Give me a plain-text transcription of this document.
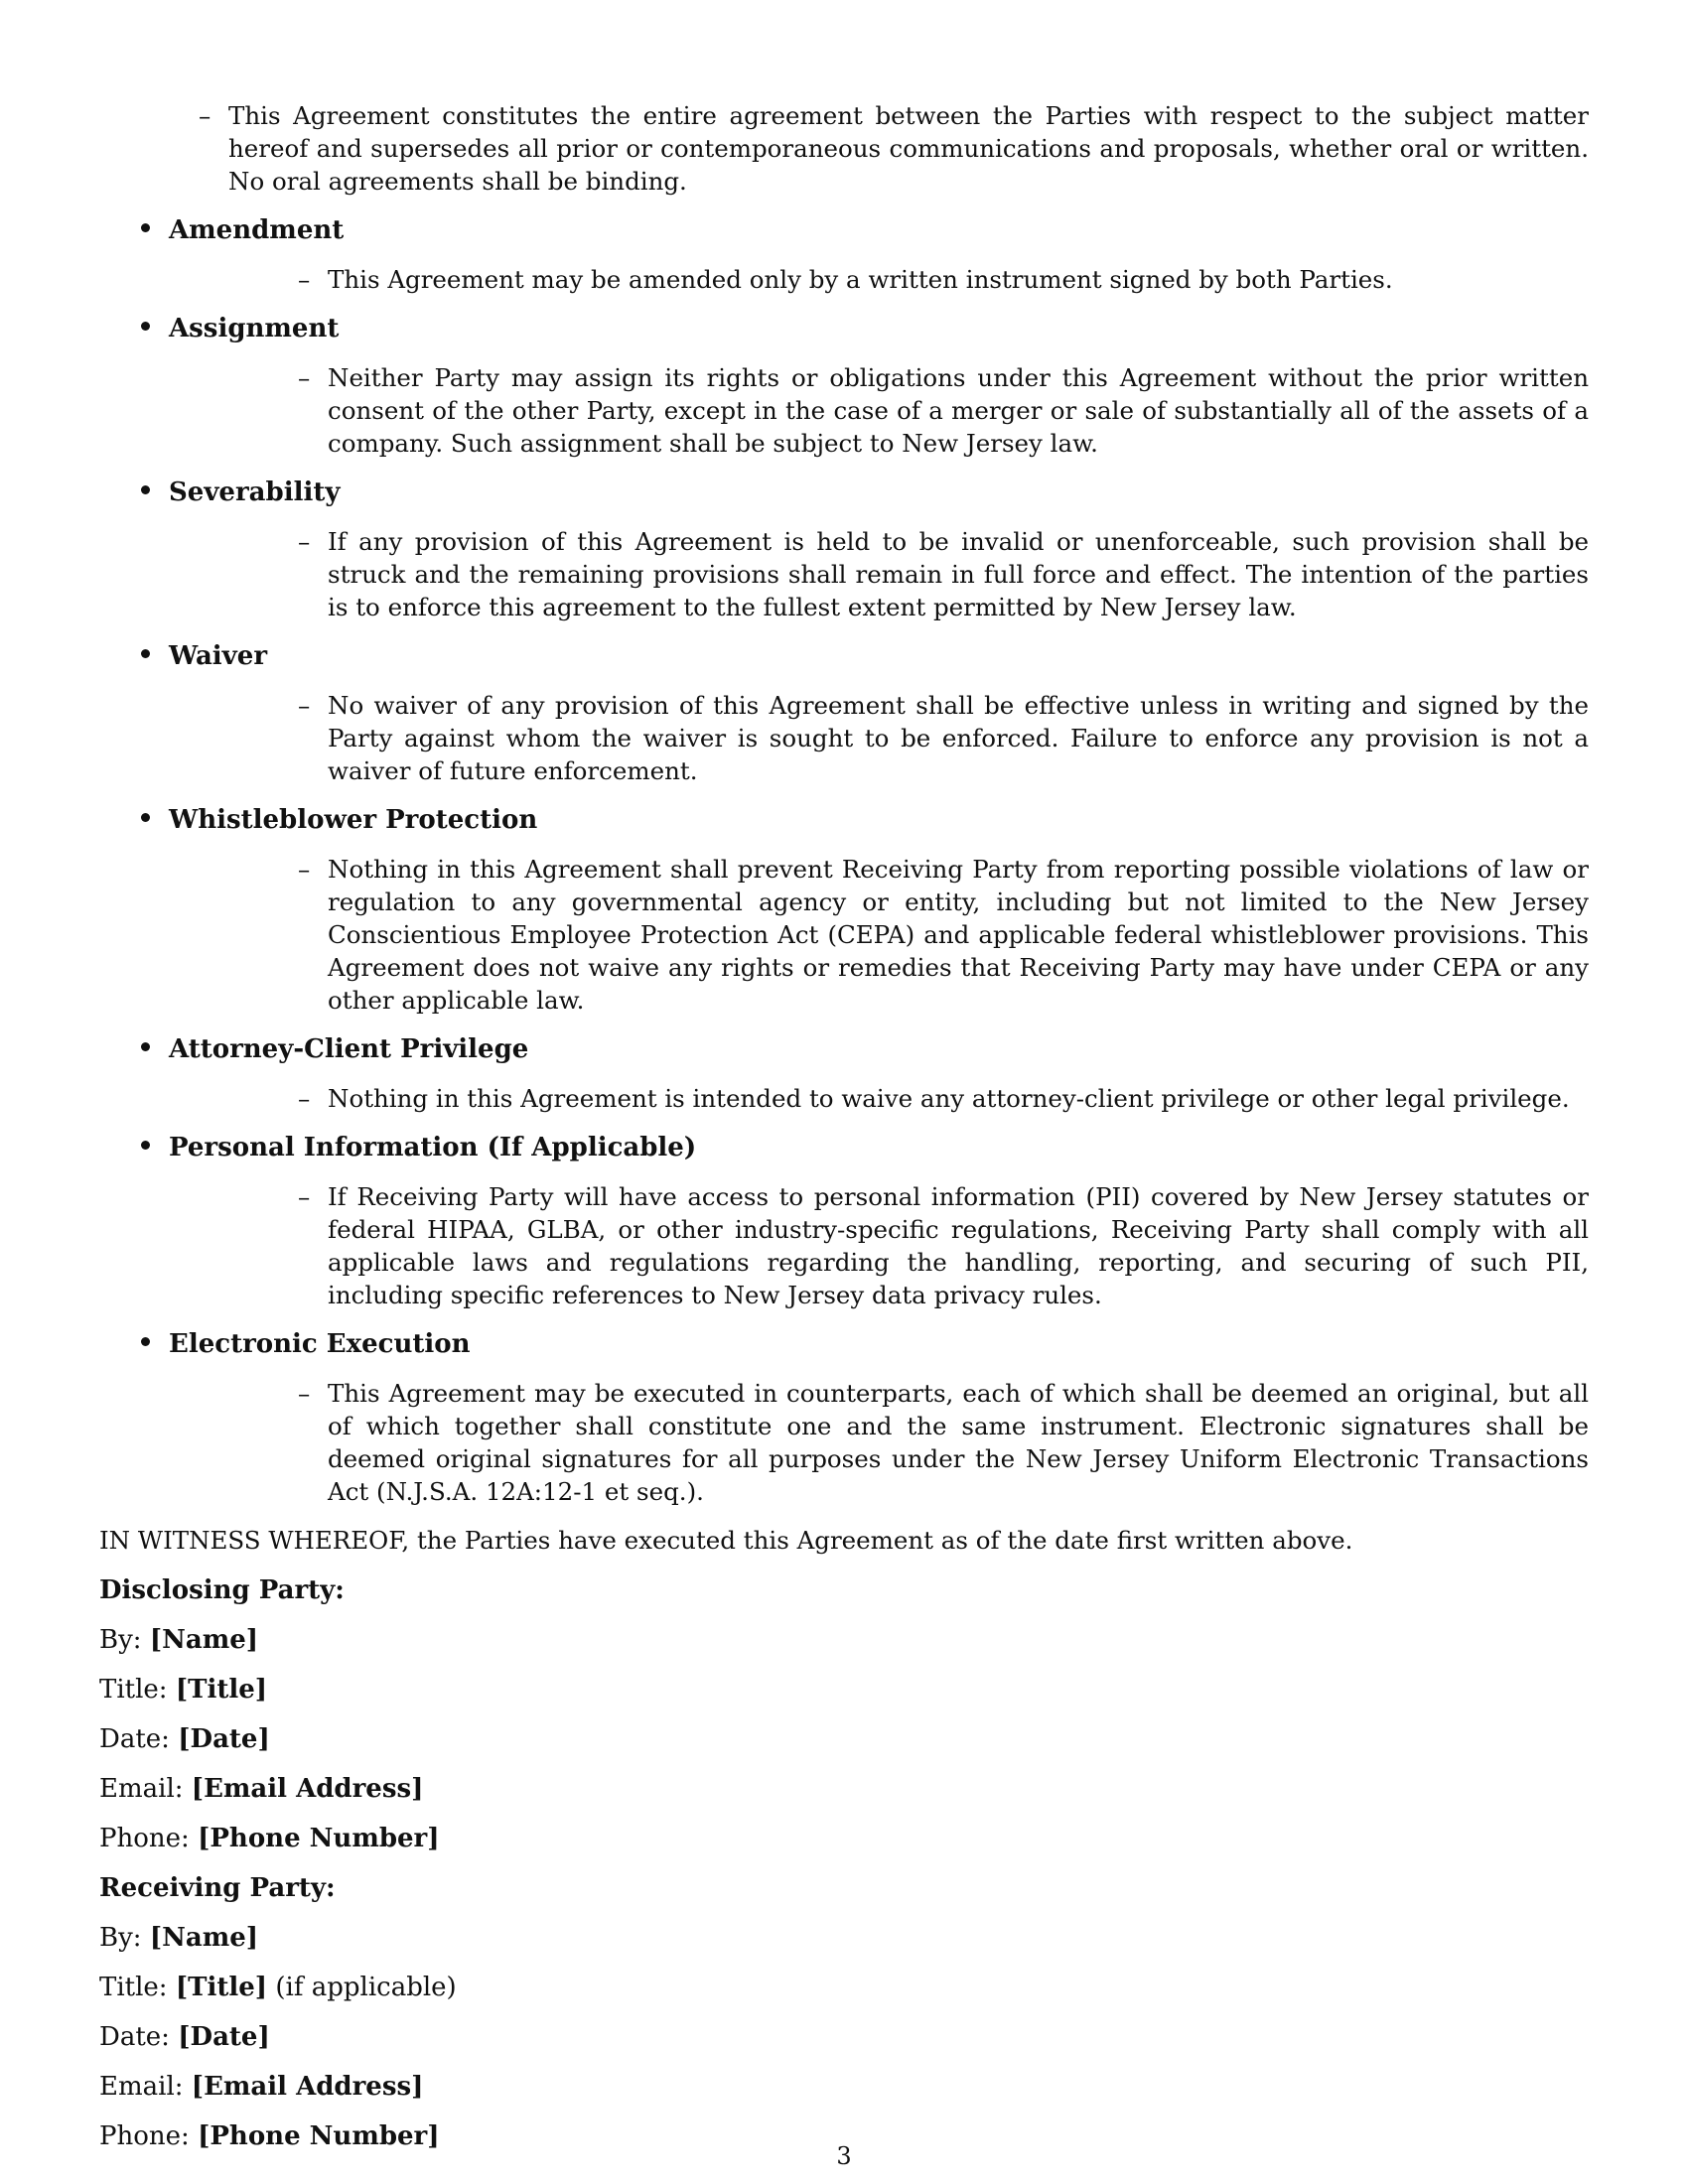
– This Agreement constitutes the entire agreement between the Parties with respect to the subject matter hereof and supersedes all prior or contemporaneous communications and proposals, whether oral or written. No oral agreements shall be binding.
Amendment
– This Agreement may be amended only by a written instrument signed by both Parties.
Assignment
– Neither Party may assign its rights or obligations under this Agreement without the prior written consent of the other Party, except in the case of a merger or sale of substantially all of the assets of a company. Such assignment shall be subject to New Jersey law.
Severability
– If any provision of this Agreement is held to be invalid or unenforceable, such provision shall be struck and the remaining provisions shall remain in full force and effect. The intention of the parties is to enforce this agreement to the fullest extent permitted by New Jersey law.
Waiver
– No waiver of any provision of this Agreement shall be effective unless in writing and signed by the Party against whom the waiver is sought to be enforced. Failure to enforce any provision is not a waiver of future enforcement.
Whistleblower Protection
– Nothing in this Agreement shall prevent Receiving Party from reporting possible violations of law or regulation to any governmental agency or entity, including but not limited to the New Jersey Conscientious Employee Protection Act (CEPA) and applicable federal whistleblower provisions. This Agreement does not waive any rights or remedies that Receiving Party may have under CEPA or any other applicable law.
Attorney-Client Privilege
– Nothing in this Agreement is intended to waive any attorney-client privilege or other legal privilege.
Personal Information (If Applicable)
– If Receiving Party will have access to personal information (PII) covered by New Jersey statutes or federal HIPAA, GLBA, or other industry-specific regulations, Receiving Party shall comply with all applicable laws and regulations regarding the handling, reporting, and securing of such PII, including specific references to New Jersey data privacy rules.
Electronic Execution
– This Agreement may be executed in counterparts, each of which shall be deemed an original, but all of which together shall constitute one and the same instrument. Electronic signatures shall be deemed original signatures for all purposes under the New Jersey Uniform Electronic Transactions Act (N.J.S.A. 12A:12-1 et seq.).
IN WITNESS WHEREOF, the Parties have executed this Agreement as of the date first written above.
Disclosing Party:
By: [Name]
Title: [Title]
Date: [Date]
Email: [Email Address]
Phone: [Phone Number]
Receiving Party:
By: [Name]
Title: [Title] (if applicable)
Date: [Date]
Email: [Email Address]
Phone: [Phone Number]
3
